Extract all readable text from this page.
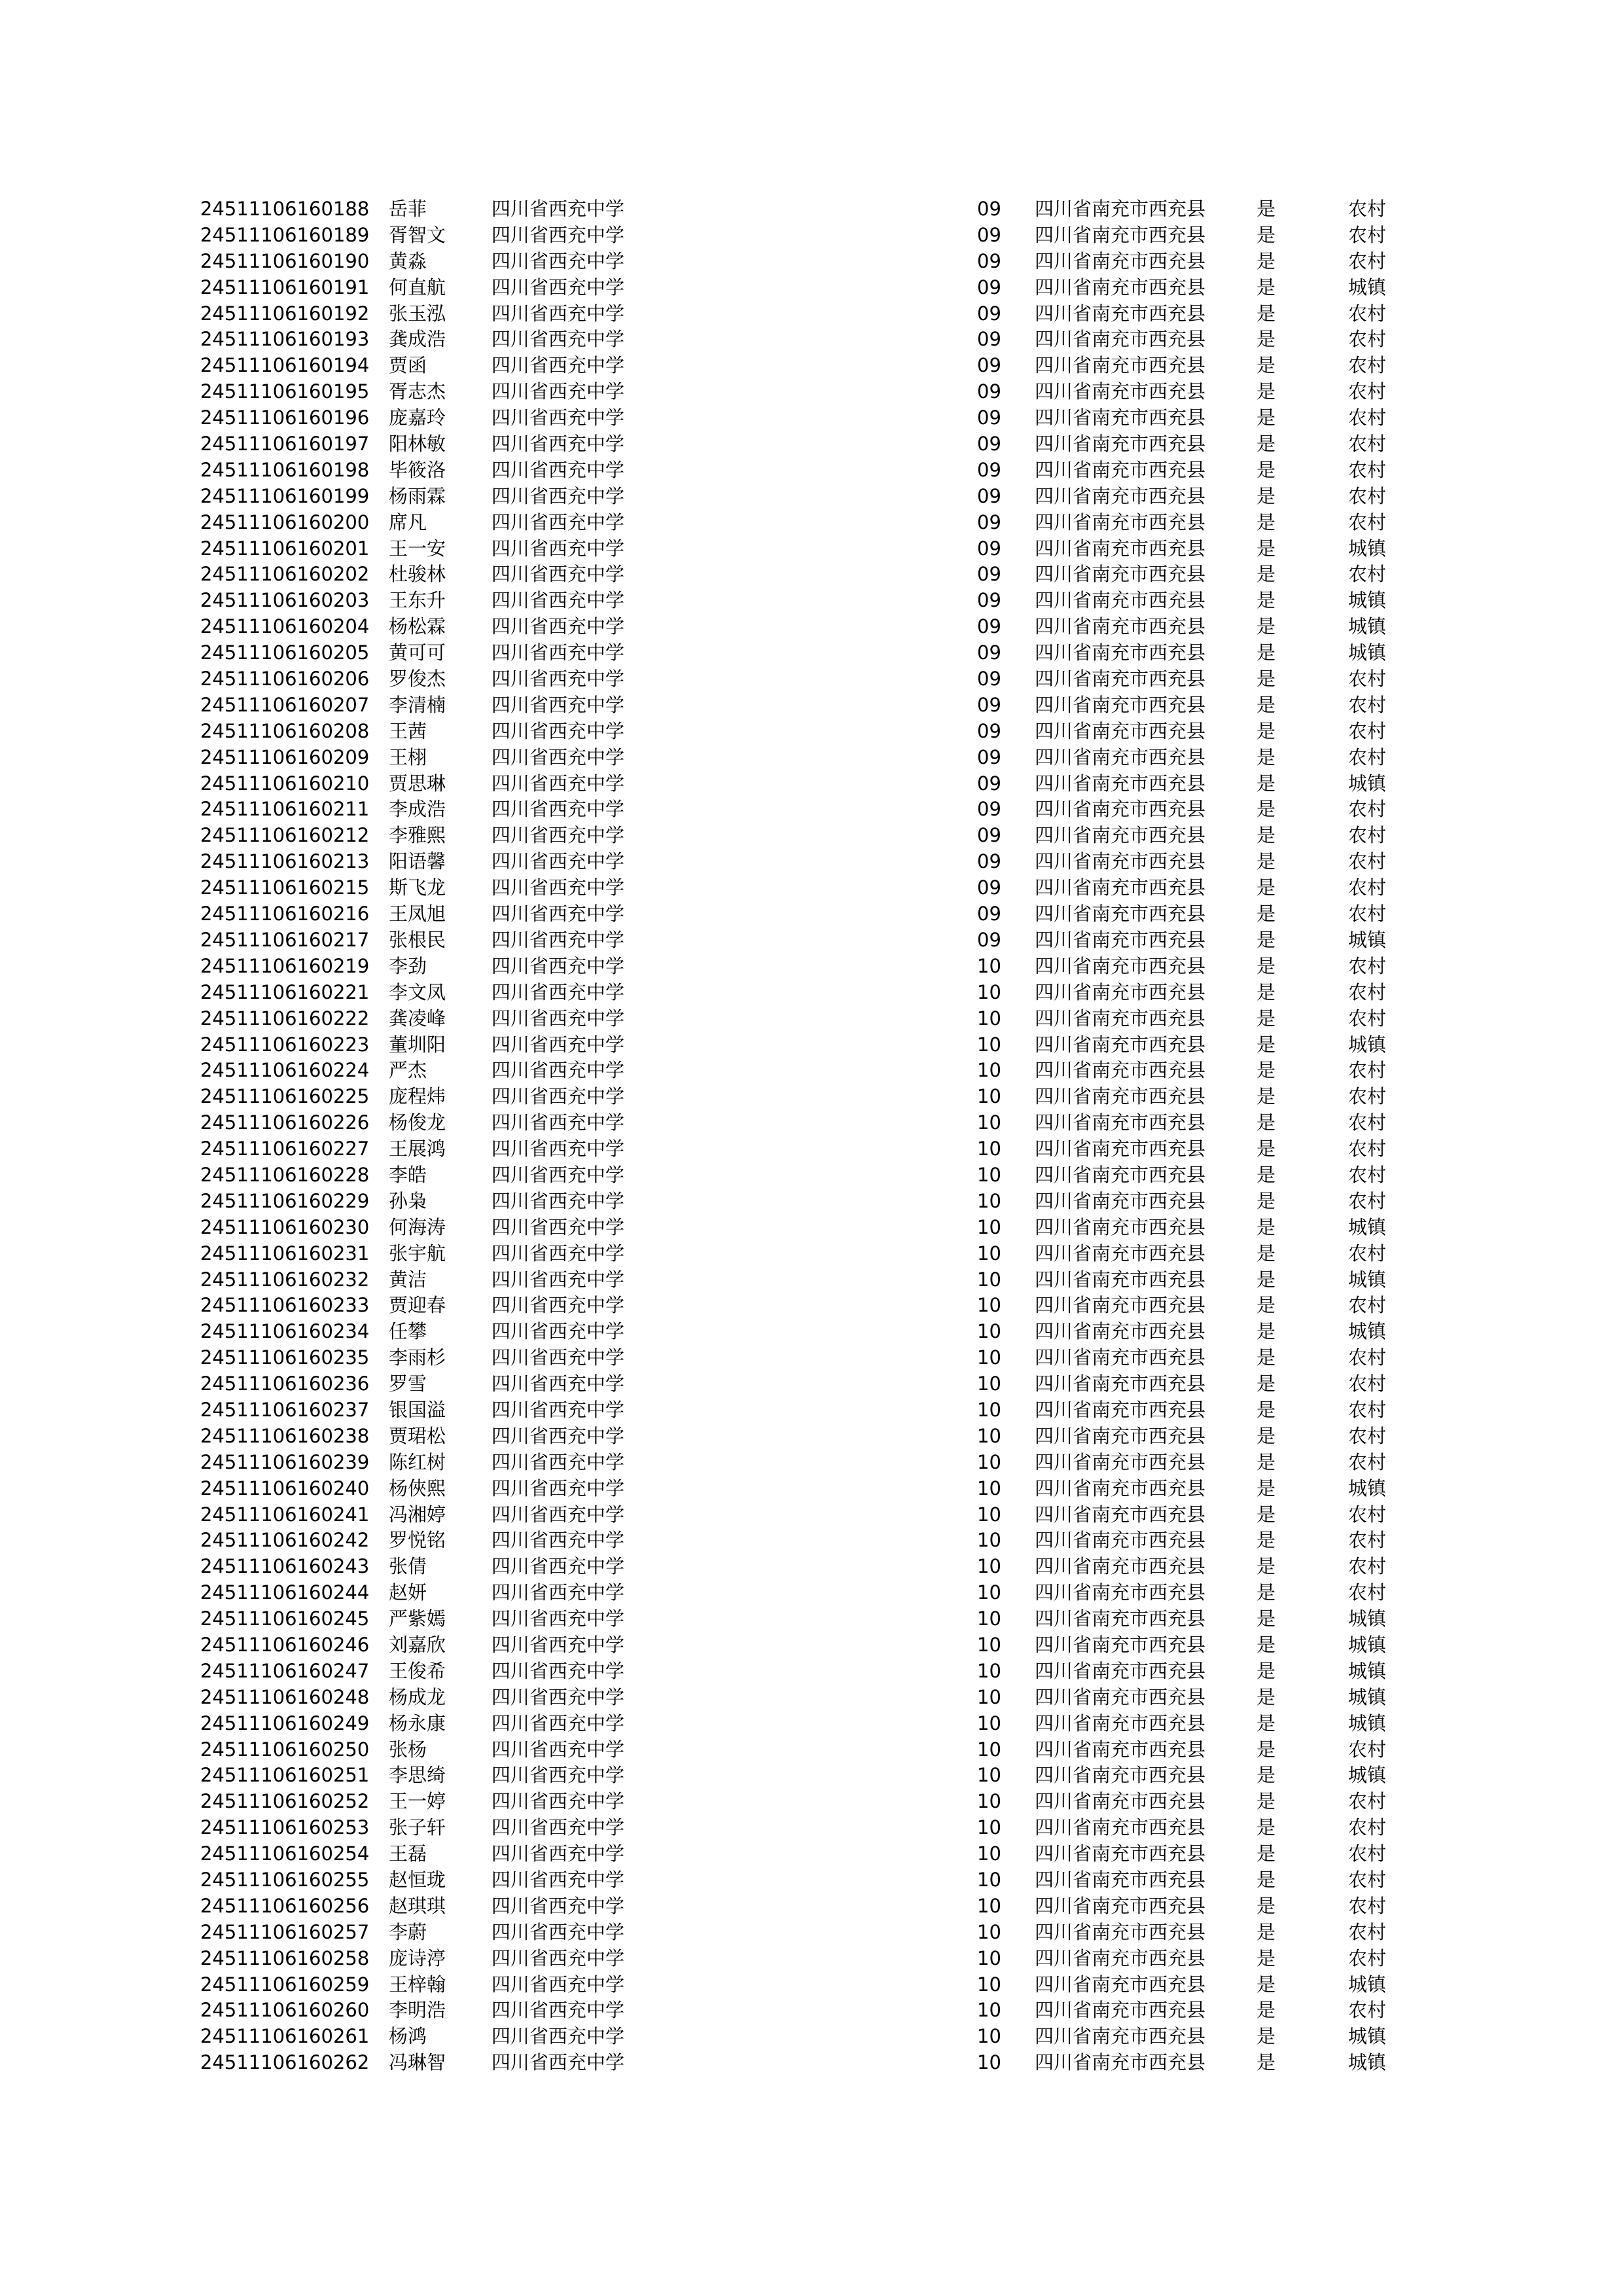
24511106160188 岳菲	四川省西充中学	09 四川省南充市西充县	是	农村
24511106160189 胥智文 四川省西充中学	09 四川省南充市西充县	是	农村
24511106160190 黄淼	四川省西充中学	09 四川省南充市西充县	是	农村
24511106160191 何直航 四川省西充中学	09 四川省南充市西充县	是	城镇
24511106160192 张玉泓 四川省西充中学	09 四川省南充市西充县	是	农村
24511106160193 龚成浩 四川省西充中学	09 四川省南充市西充县	是	农村
24511106160194 贾函	四川省西充中学	09 四川省南充市西充县	是	农村
24511106160195 胥志杰 四川省西充中学	09 四川省南充市西充县	是	农村
24511106160196 庞嘉玲 四川省西充中学	09 四川省南充市西充县	是	农村
24511106160197 阳林敏 四川省西充中学	09 四川省南充市西充县	是	农村
24511106160198 毕筱洛 四川省西充中学	09 四川省南充市西充县	是	农村
24511106160199 杨雨霖 四川省西充中学	09 四川省南充市西充县	是	农村
24511106160200 席凡	四川省西充中学	09 四川省南充市西充县	是	农村
24511106160201 王一安 四川省西充中学	09 四川省南充市西充县	是	城镇
24511106160202 杜骏林 四川省西充中学	09 四川省南充市西充县	是	农村
24511106160203 王东升 四川省西充中学	09 四川省南充市西充县	是	城镇
24511106160204 杨松霖 四川省西充中学	09 四川省南充市西充县	是	城镇
24511106160205 黄可可 四川省西充中学	09 四川省南充市西充县	是	城镇
24511106160206 罗俊杰 四川省西充中学	09 四川省南充市西充县	是	农村
24511106160207 李清楠 四川省西充中学	09 四川省南充市西充县	是	农村
24511106160208 王茜	四川省西充中学	09 四川省南充市西充县	是	农村
24511106160209 王栩	四川省西充中学	09 四川省南充市西充县	是	农村
24511106160210 贾思琳 四川省西充中学	09 四川省南充市西充县	是	城镇
24511106160211 李成浩 四川省西充中学	09 四川省南充市西充县	是	农村
24511106160212 李雅熙 四川省西充中学	09 四川省南充市西充县	是	农村
24511106160213 阳语馨 四川省西充中学	09 四川省南充市西充县	是	农村
24511106160215 斯飞龙 四川省西充中学	09 四川省南充市西充县	是	农村
24511106160216 王凤旭 四川省西充中学	09 四川省南充市西充县	是	农村
24511106160217 张根民 四川省西充中学	09 四川省南充市西充县	是	城镇
24511106160219 李劲	四川省西充中学	10 四川省南充市西充县	是	农村
24511106160221 李文凤 四川省西充中学	10 四川省南充市西充县	是	农村
24511106160222 龚凌峰 四川省西充中学	10 四川省南充市西充县	是	农村
24511106160223 董圳阳 四川省西充中学	10 四川省南充市西充县	是	城镇
24511106160224 严杰	四川省西充中学	10 四川省南充市西充县	是	农村
24511106160225 庞程炜 四川省西充中学	10 四川省南充市西充县	是	农村
24511106160226 杨俊龙 四川省西充中学	10 四川省南充市西充县	是	农村
24511106160227 王展鸿 四川省西充中学	10 四川省南充市西充县	是	农村
24511106160228 李皓	四川省西充中学	10 四川省南充市西充县	是	农村
24511106160229 孙枭	四川省西充中学	10 四川省南充市西充县	是	农村
24511106160230 何海涛 四川省西充中学	10 四川省南充市西充县	是	城镇
24511106160231 张宇航 四川省西充中学	10 四川省南充市西充县	是	农村
24511106160232 黄洁	四川省西充中学	10 四川省南充市西充县	是	城镇
24511106160233 贾迎春 四川省西充中学	10 四川省南充市西充县	是	农村
24511106160234 任攀	四川省西充中学	10 四川省南充市西充县	是	城镇
24511106160235 李雨杉 四川省西充中学	10 四川省南充市西充县	是	农村
24511106160236 罗雪	四川省西充中学	10 四川省南充市西充县	是	农村
24511106160237 银国溢 四川省西充中学	10 四川省南充市西充县	是	农村
24511106160238 贾珺松 四川省西充中学	10 四川省南充市西充县	是	农村
24511106160239 陈红树 四川省西充中学	10 四川省南充市西充县	是	农村
24511106160240 杨俠熙 四川省西充中学	10 四川省南充市西充县	是	城镇
24511106160241 冯湘婷 四川省西充中学	10 四川省南充市西充县	是	农村
24511106160242 罗悦铭 四川省西充中学	10 四川省南充市西充县	是	农村
24511106160243 张倩	四川省西充中学	10 四川省南充市西充县	是	农村
24511106160244 赵妍	四川省西充中学	10 四川省南充市西充县	是	农村
24511106160245 严紫嫣 四川省西充中学	10 四川省南充市西充县	是	城镇
24511106160246 刘嘉欣 四川省西充中学	10 四川省南充市西充县	是	城镇
24511106160247 王俊希 四川省西充中学	10 四川省南充市西充县	是	城镇
24511106160248 杨成龙 四川省西充中学	10 四川省南充市西充县	是	城镇
24511106160249 杨永康 四川省西充中学	10 四川省南充市西充县	是	城镇
24511106160250 张杨	四川省西充中学	10 四川省南充市西充县	是	农村
24511106160251 李思绮 四川省西充中学	10 四川省南充市西充县	是	城镇
24511106160252 王一婷 四川省西充中学	10 四川省南充市西充县	是	农村
24511106160253 张子轩 四川省西充中学	10 四川省南充市西充县	是	农村
24511106160254 王磊	四川省西充中学	10 四川省南充市西充县	是	农村
24511106160255 赵恒珑 四川省西充中学	10 四川省南充市西充县	是	农村
24511106160256 赵琪琪 四川省西充中学	10 四川省南充市西充县	是	农村
24511106160257 李蔚	四川省西充中学	10 四川省南充市西充县	是	农村
24511106160258 庞诗渟 四川省西充中学	10 四川省南充市西充县	是	农村
24511106160259 王梓翰 四川省西充中学	10 四川省南充市西充县	是	城镇
24511106160260 李明浩 四川省西充中学	10 四川省南充市西充县	是	农村
24511106160261 杨鸿	四川省西充中学	10 四川省南充市西充县	是	城镇
24511106160262 冯琳智 四川省西充中学	10 四川省南充市西充县	是	城镇
